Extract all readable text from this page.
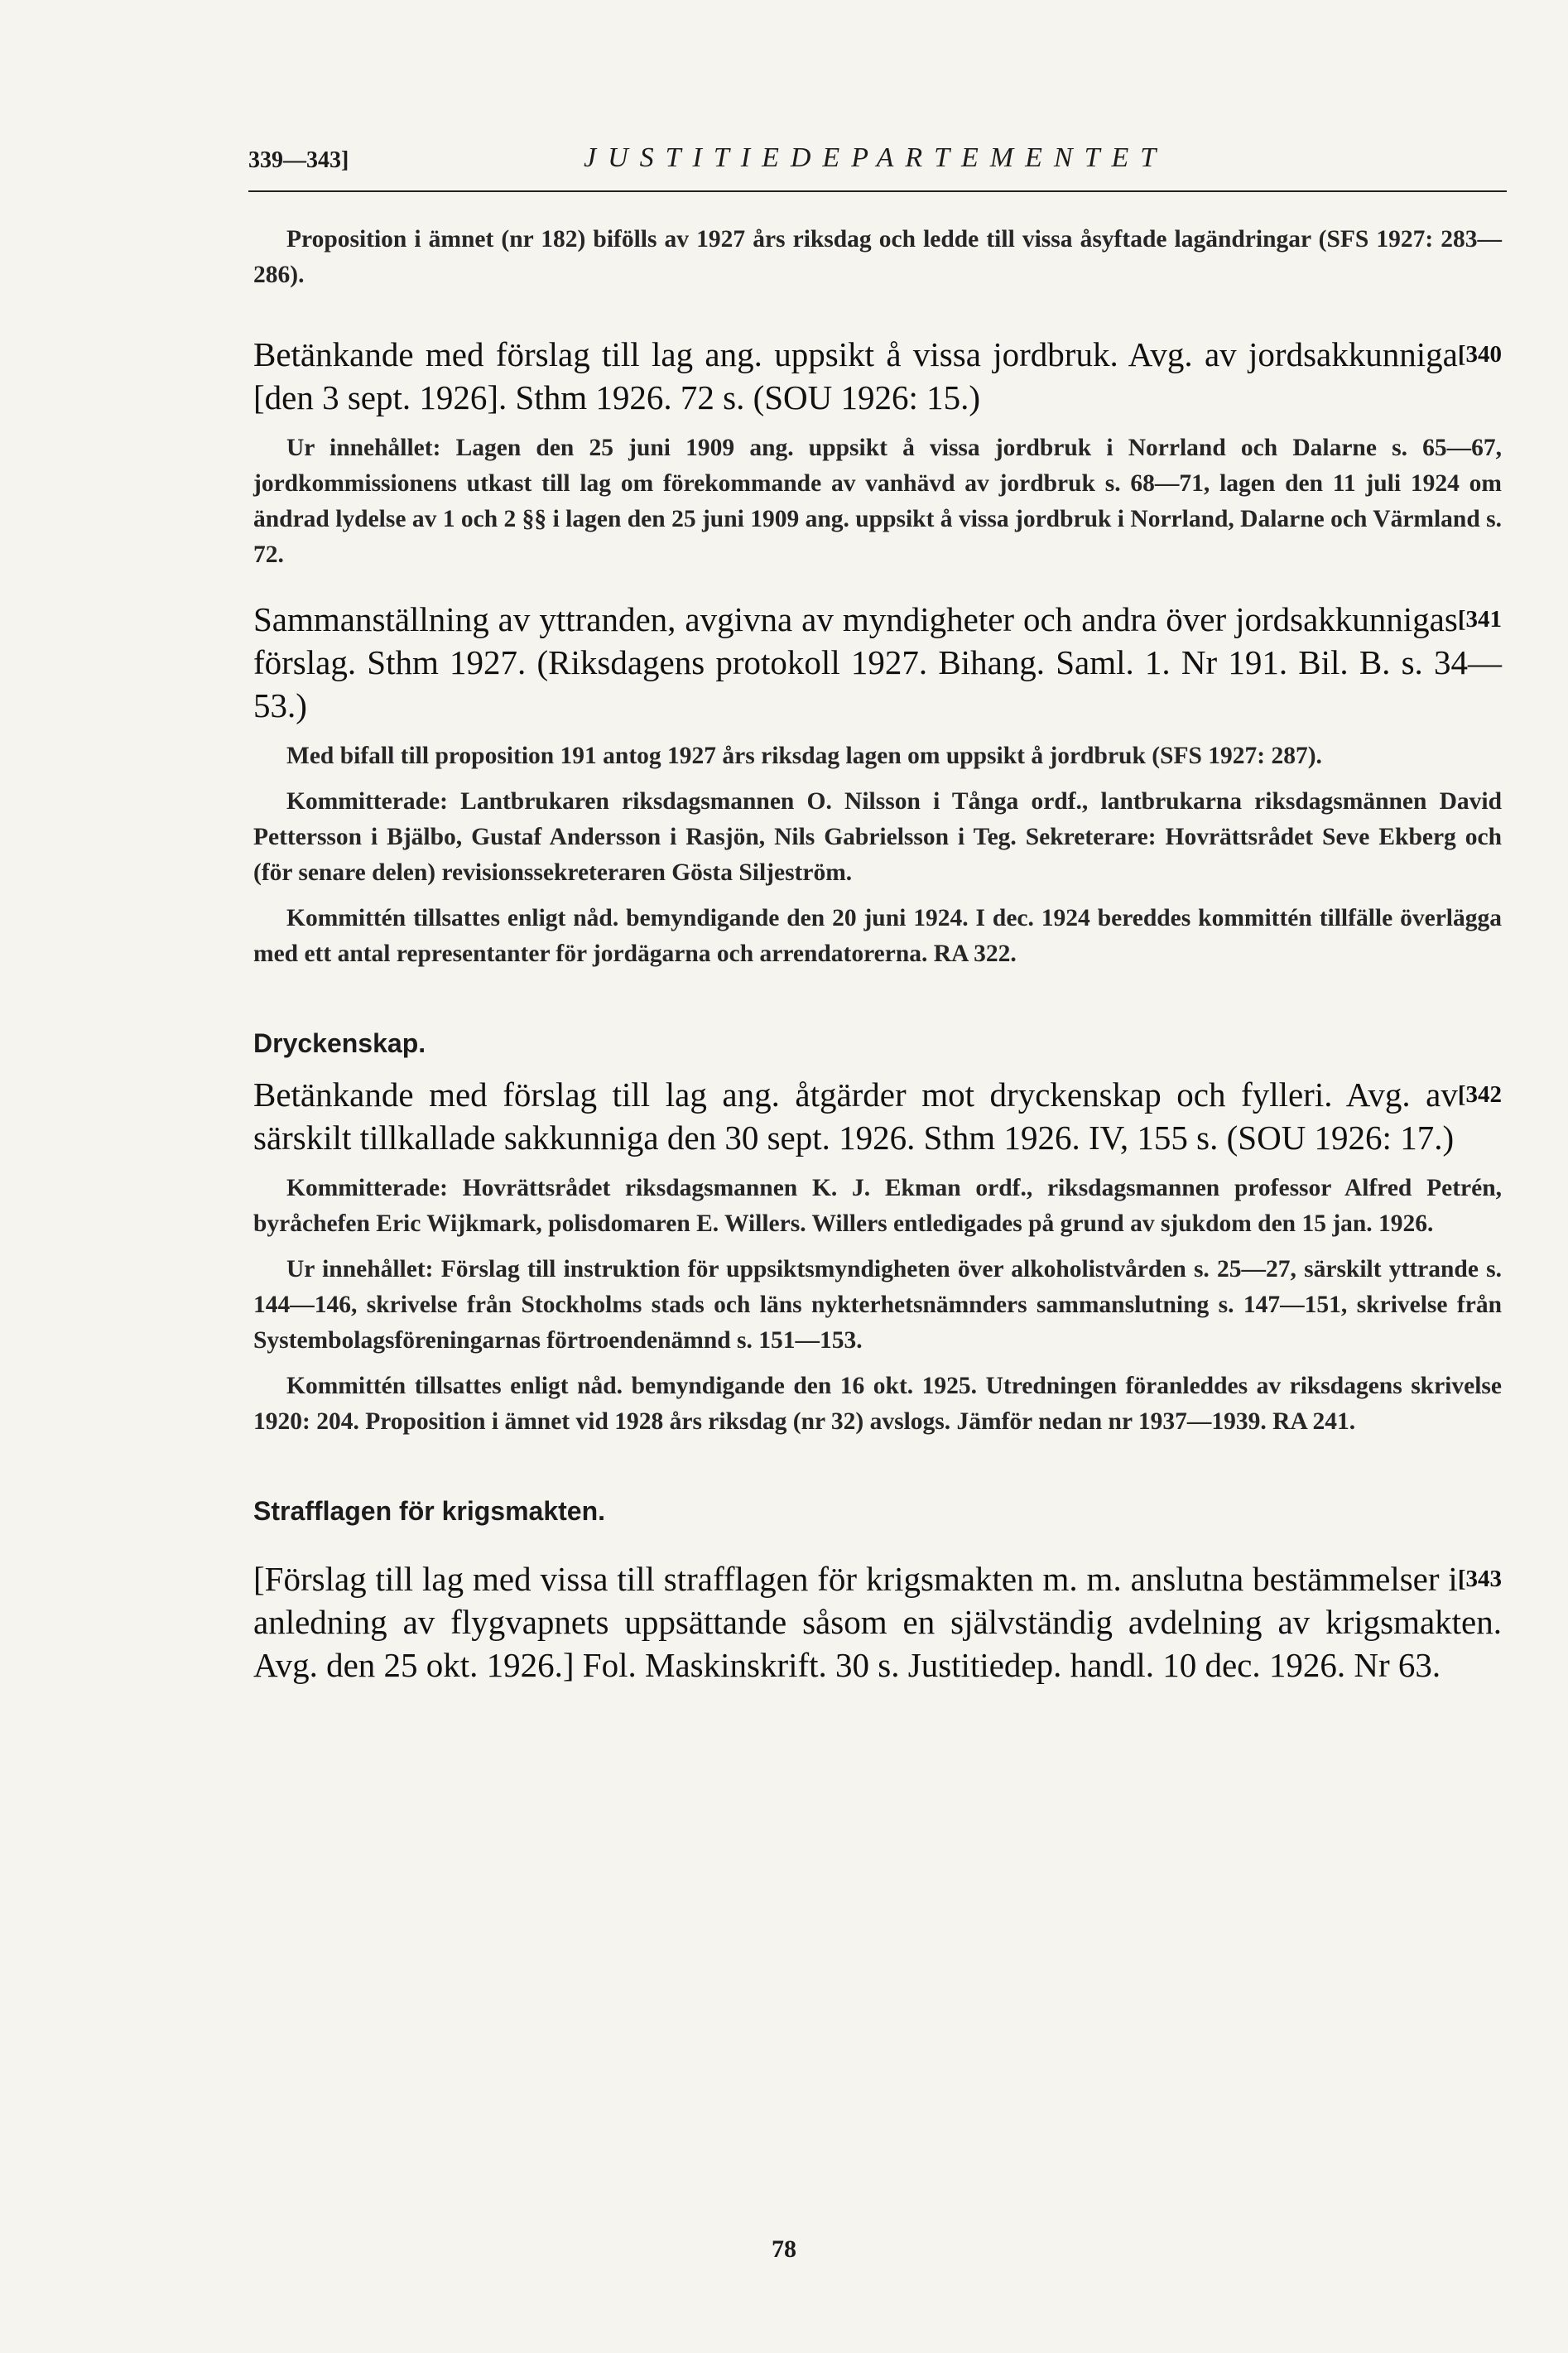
339—343]	JUSTITIEDEPARTEMENTET

Proposition i ämnet (nr 182) bifölls av 1927 års riksdag och ledde till vissa åsyftade lagändringar (SFS 1927: 283—286).

[340
Betänkande med förslag till lag ang. uppsikt å vissa jordbruk. Avg. av jordsakkunniga [den 3 sept. 1926]. Sthm 1926. 72 s. (SOU 1926: 15.)

Ur innehållet: Lagen den 25 juni 1909 ang. uppsikt å vissa jordbruk i Norrland och Dalarne s. 65—67, jordkommissionens utkast till lag om förekommande av vanhävd av jordbruk s. 68—71, lagen den 11 juli 1924 om ändrad lydelse av 1 och 2 §§ i lagen den 25 juni 1909 ang. uppsikt å vissa jordbruk i Norrland, Dalarne och Värmland s. 72.

[341
Sammanställning av yttranden, avgivna av myndigheter och andra över jordsakkunnigas förslag. Sthm 1927. (Riksdagens protokoll 1927. Bihang. Saml. 1. Nr 191. Bil. B. s. 34—53.)

Med bifall till proposition 191 antog 1927 års riksdag lagen om uppsikt å jordbruk (SFS 1927: 287).

Kommitterade: Lantbrukaren riksdagsmannen O. Nilsson i Tånga ordf., lantbrukarna riksdagsmännen David Pettersson i Bjälbo, Gustaf Andersson i Rasjön, Nils Gabrielsson i Teg. Sekreterare: Hovrättsrådet Seve Ekberg och (för senare delen) revisionssekreteraren Gösta Siljeström.

Kommittén tillsattes enligt nåd. bemyndigande den 20 juni 1924. I dec. 1924 bereddes kommittén tillfälle överlägga med ett antal representanter för jordägarna och arrendatorerna. RA 322.

Dryckenskap.

[342
Betänkande med förslag till lag ang. åtgärder mot dryckenskap och fylleri. Avg. av särskilt tillkallade sakkunniga den 30 sept. 1926. Sthm 1926. IV, 155 s. (SOU 1926: 17.)

Kommitterade: Hovrättsrådet riksdagsmannen K. J. Ekman ordf., riksdagsmannen professor Alfred Petrén, byråchefen Eric Wijkmark, polisdomaren E. Willers. Willers entledigades på grund av sjukdom den 15 jan. 1926.

Ur innehållet: Förslag till instruktion för uppsiktsmyndigheten över alkoholistvården s. 25—27, särskilt yttrande s. 144—146, skrivelse från Stockholms stads och läns nykterhetsnämnders sammanslutning s. 147—151, skrivelse från Systembolagsföreningarnas förtroendenämnd s. 151—153.

Kommittén tillsattes enligt nåd. bemyndigande den 16 okt. 1925. Utredningen föranleddes av riksdagens skrivelse 1920: 204. Proposition i ämnet vid 1928 års riksdag (nr 32) avslogs. Jämför nedan nr 1937—1939. RA 241.

Strafflagen för krigsmakten.

[343
[Förslag till lag med vissa till strafflagen för krigsmakten m. m. anslutna bestämmelser i anledning av flygvapnets uppsättande såsom en självständig avdelning av krigsmakten. Avg. den 25 okt. 1926.] Fol. Maskinskrift. 30 s. Justitiedep. handl. 10 dec. 1926. Nr 63.

78
